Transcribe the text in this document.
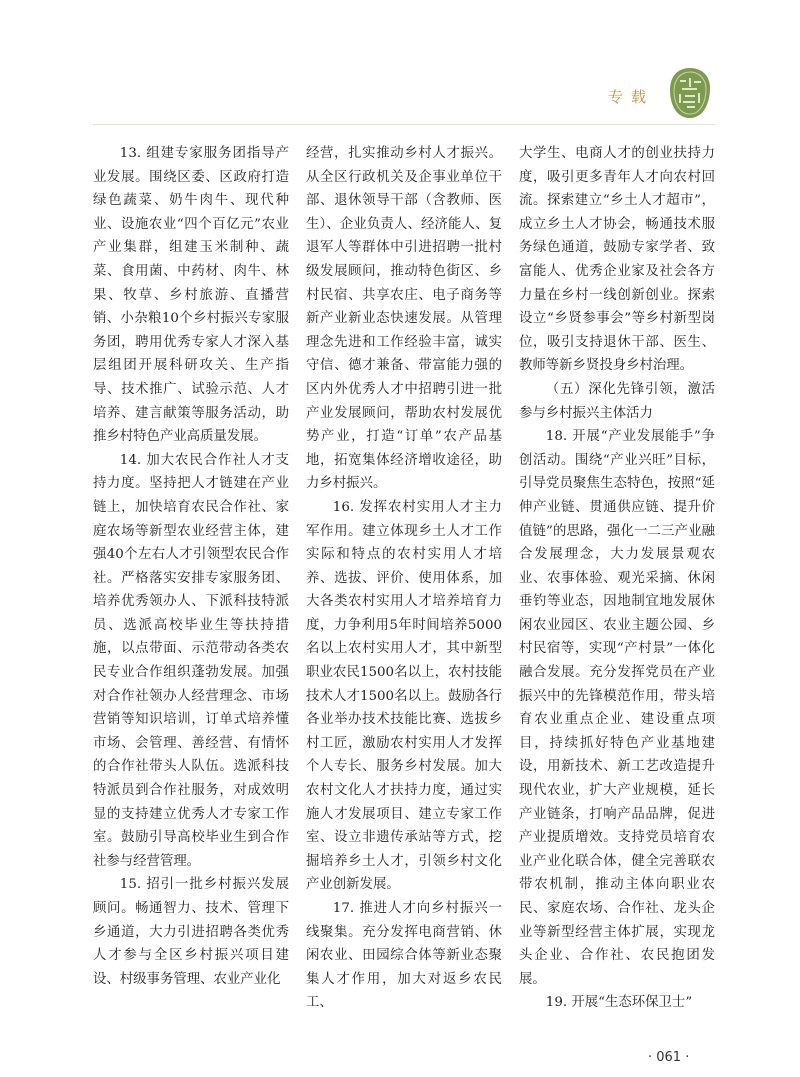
专载

13. 组建专家服务团指导产业发展。围绕区委、区政府打造绿色蔬菜、奶牛肉牛、现代种业、设施农业“四个百亿元”农业产业集群，组建玉米制种、蔬菜、食用菌、中药材、肉牛、林果、牧草、乡村旅游、直播营销、小杂粮10个乡村振兴专家服务团，聘用优秀专家人才深入基层组团开展科研攻关、生产指导、技术推广、试验示范、人才培养、建言献策等服务活动，助推乡村特色产业高质量发展。

14. 加大农民合作社人才支持力度。坚持把人才链建在产业链上，加快培育农民合作社、家庭农场等新型农业经营主体，建强40个左右人才引领型农民合作社。严格落实安排专家服务团、培养优秀领办人、下派科技特派员、选派高校毕业生等扶持措施，以点带面、示范带动各类农民专业合作组织蓬勃发展。加强对合作社领办人经营理念、市场营销等知识培训，订单式培养懂市场、会管理、善经营、有情怀的合作社带头人队伍。选派科技特派员到合作社服务，对成效明显的支持建立优秀人才专家工作室。鼓励引导高校毕业生到合作社参与经营管理。

15. 招引一批乡村振兴发展顾问。畅通智力、技术、管理下乡通道，大力引进招聘各类优秀人才参与全区乡村振兴项目建设、村级事务管理、农业产业化

经营，扎实推动乡村人才振兴。从全区行政机关及企事业单位干部、退休领导干部（含教师、医生）、企业负责人、经济能人、复退军人等群体中引进招聘一批村级发展顾问，推动特色街区、乡村民宿、共享农庄、电子商务等新产业新业态快速发展。从管理理念先进和工作经验丰富，诚实守信、德才兼备、带富能力强的区内外优秀人才中招聘引进一批产业发展顾问，帮助农村发展优势产业，打造“订单”农产品基地，拓宽集体经济增收途径，助力乡村振兴。

16. 发挥农村实用人才主力军作用。建立体现乡土人才工作实际和特点的农村实用人才培养、选拔、评价、使用体系，加大各类农村实用人才培养培育力度，力争利用5年时间培养5000名以上农村实用人才，其中新型职业农民1500名以上，农村技能技术人才1500名以上。鼓励各行各业举办技术技能比赛、选拔乡村工匠，激励农村实用人才发挥个人专长、服务乡村发展。加大农村文化人才扶持力度，通过实施人才发展项目、建立专家工作室、设立非遗传承站等方式，挖掘培养乡土人才，引领乡村文化产业创新发展。

17. 推进人才向乡村振兴一线聚集。充分发挥电商营销、休闲农业、田园综合体等新业态聚集人才作用，加大对返乡农民工、

大学生、电商人才的创业扶持力度，吸引更多青年人才向农村回流。探索建立“乡土人才超市”，成立乡土人才协会，畅通技术服务绿色通道，鼓励专家学者、致富能人、优秀企业家及社会各方力量在乡村一线创新创业。探索设立“乡贤参事会”等乡村新型岗位，吸引支持退休干部、医生、教师等新乡贤投身乡村治理。

（五）深化先锋引领，激活参与乡村振兴主体活力

18. 开展“产业发展能手”争创活动。围绕“产业兴旺”目标，引导党员聚焦生态特色，按照“延伸产业链、贯通供应链、提升价值链”的思路，强化一二三产业融合发展理念，大力发展景观农业、农事体验、观光采摘、休闲垂钓等业态，因地制宜地发展休闲农业园区、农业主题公园、乡村民宿等，实现“产村景”一体化融合发展。充分发挥党员在产业振兴中的先锋模范作用，带头培育农业重点企业、建设重点项目，持续抓好特色产业基地建设，用新技术、新工艺改造提升现代农业，扩大产业规模，延长产业链条，打响产品品牌，促进产业提质增效。支持党员培育农业产业化联合体，健全完善联农带农机制，推动主体向职业农民、家庭农场、合作社、龙头企业等新型经营主体扩展，实现龙头企业、合作社、农民抱团发展。

19. 开展“生态环保卫士”

· 061 ·
